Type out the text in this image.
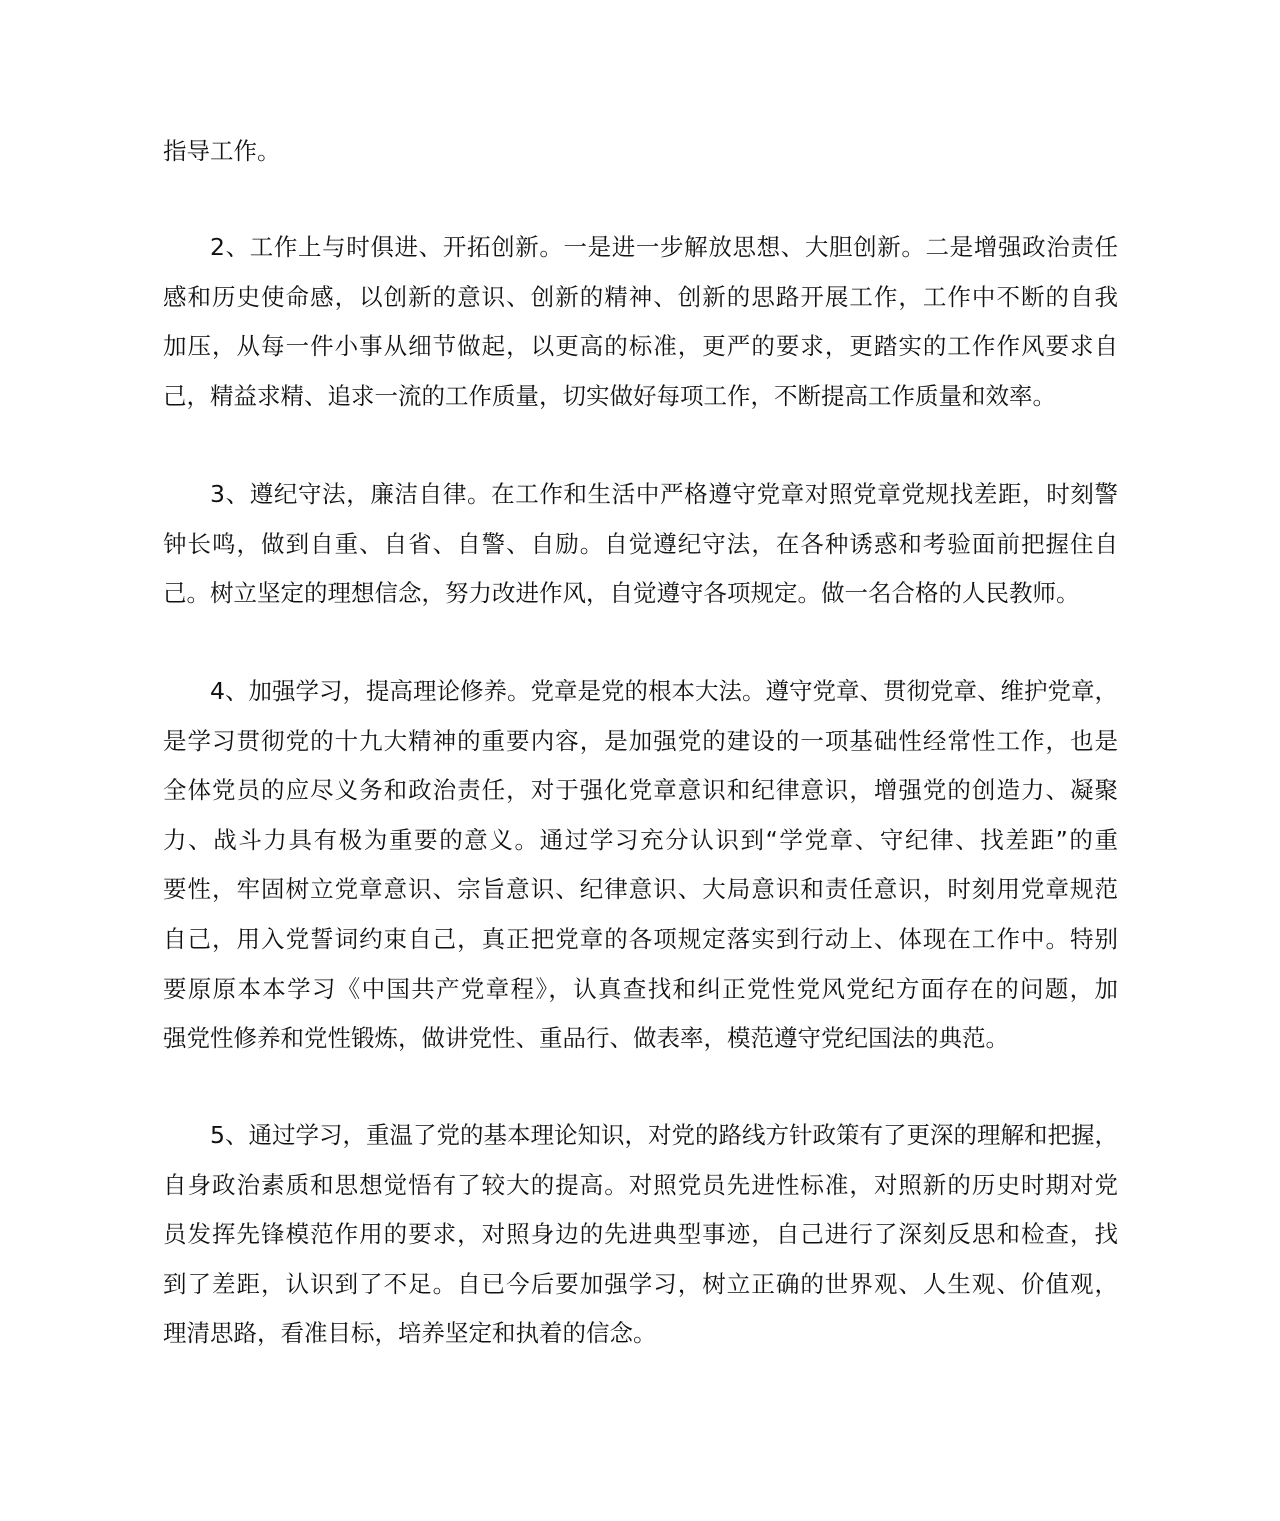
指导工作。
2、工作上与时俱进、开拓创新。一是进一步解放思想、大胆创新。二是增强政治责任
感和历史使命感，以创新的意识、创新的精神、创新的思路开展工作，工作中不断的自我
加压，从每一件小事从细节做起，以更高的标准，更严的要求，更踏实的工作作风要求自
己，精益求精、追求一流的工作质量，切实做好每项工作，不断提高工作质量和效率。
3、遵纪守法，廉洁自律。在工作和生活中严格遵守党章对照党章党规找差距，时刻警
钟长鸣，做到自重、自省、自警、自励。自觉遵纪守法，在各种诱惑和考验面前把握住自
己。树立坚定的理想信念，努力改进作风，自觉遵守各项规定。做一名合格的人民教师。
4、加强学习，提高理论修养。党章是党的根本大法。遵守党章、贯彻党章、维护党章，
是学习贯彻党的十九大精神的重要内容，是加强党的建设的一项基础性经常性工作，也是
全体党员的应尽义务和政治责任，对于强化党章意识和纪律意识，增强党的创造力、凝聚
力、战斗力具有极为重要的意义。通过学习充分认识到“学党章、守纪律、找差距”的重
要性，牢固树立党章意识、宗旨意识、纪律意识、大局意识和责任意识，时刻用党章规范
自己，用入党誓词约束自己，真正把党章的各项规定落实到行动上、体现在工作中。特别
要原原本本学习《中国共产党章程》，认真查找和纠正党性党风党纪方面存在的问题，加
强党性修养和党性锻炼，做讲党性、重品行、做表率，模范遵守党纪国法的典范。
5、通过学习，重温了党的基本理论知识，对党的路线方针政策有了更深的理解和把握，
自身政治素质和思想觉悟有了较大的提高。对照党员先进性标准，对照新的历史时期对党
员发挥先锋模范作用的要求，对照身边的先进典型事迹，自己进行了深刻反思和检查，找
到了差距，认识到了不足。自已今后要加强学习，树立正确的世界观、人生观、价值观，
理清思路，看准目标，培养坚定和执着的信念。
